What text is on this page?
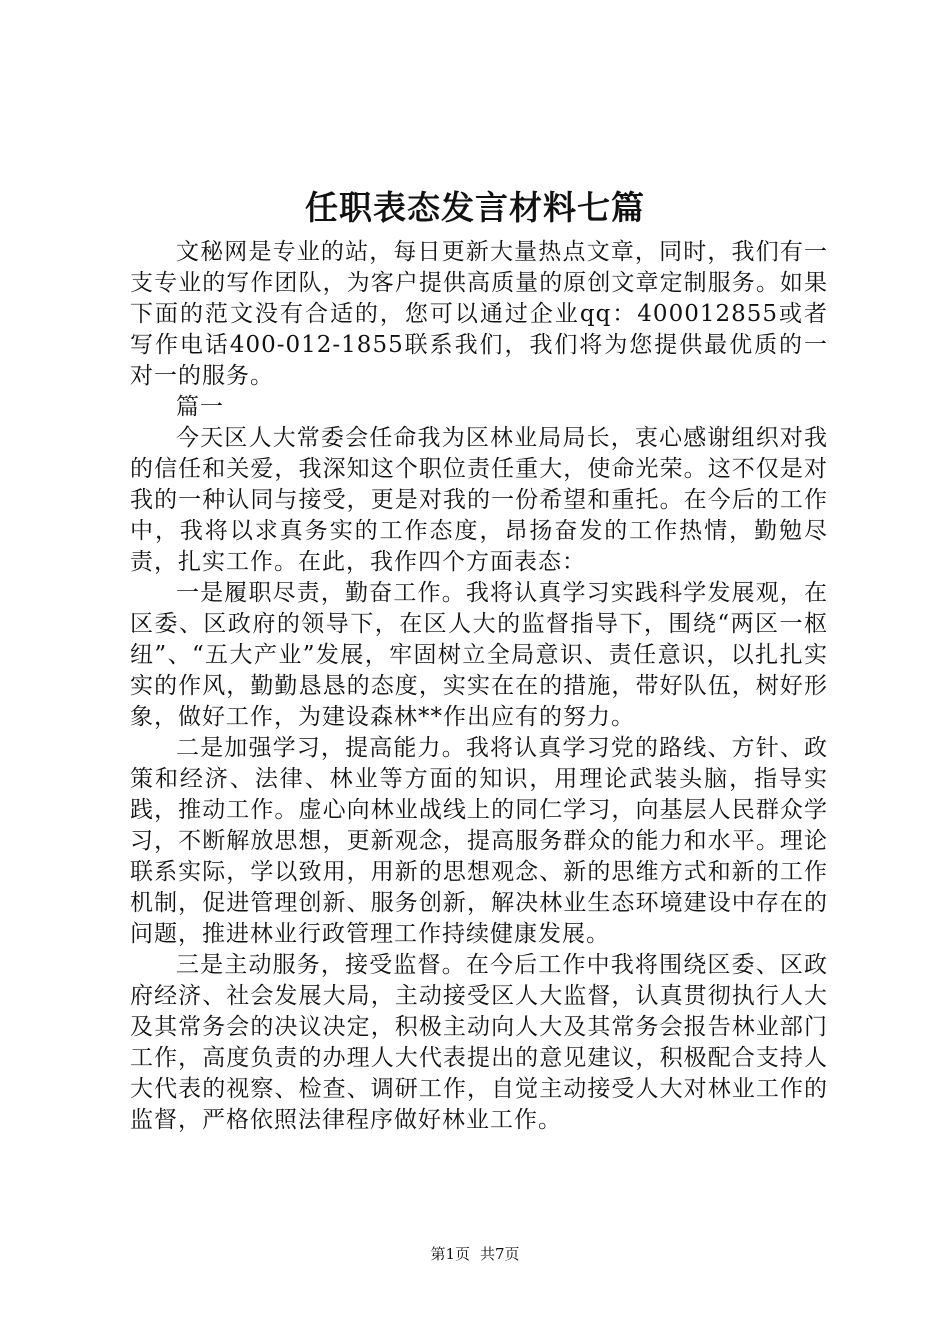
任职表态发言材料七篇

文秘网是专业的站，每日更新大量热点文章，同时，我们有一支专业的写作团队，为客户提供高质量的原创文章定制服务。如果下面的范文没有合适的，您可以通过企业qq：400012855或者写作电话400-012-1855联系我们，我们将为您提供最优质的一对一的服务。

篇一

今天区人大常委会任命我为区林业局局长，衷心感谢组织对我的信任和关爱，我深知这个职位责任重大，使命光荣。这不仅是对我的一种认同与接受，更是对我的一份希望和重托。在今后的工作中，我将以求真务实的工作态度，昂扬奋发的工作热情，勤勉尽责，扎实工作。在此，我作四个方面表态：

一是履职尽责，勤奋工作。我将认真学习实践科学发展观，在区委、区政府的领导下，在区人大的监督指导下，围绕“两区一枢纽”、“五大产业”发展，牢固树立全局意识、责任意识，以扎扎实实的作风，勤勤恳恳的态度，实实在在的措施，带好队伍，树好形象，做好工作，为建设森林**作出应有的努力。

二是加强学习，提高能力。我将认真学习党的路线、方针、政策和经济、法律、林业等方面的知识，用理论武装头脑，指导实践，推动工作。虚心向林业战线上的同仁学习，向基层人民群众学习，不断解放思想，更新观念，提高服务群众的能力和水平。理论联系实际，学以致用，用新的思想观念、新的思维方式和新的工作机制，促进管理创新、服务创新，解决林业生态环境建设中存在的问题，推进林业行政管理工作持续健康发展。

三是主动服务，接受监督。在今后工作中我将围绕区委、区政府经济、社会发展大局，主动接受区人大监督，认真贯彻执行人大及其常务会的决议决定，积极主动向人大及其常务会报告林业部门工作，高度负责的办理人大代表提出的意见建议，积极配合支持人大代表的视察、检查、调研工作，自觉主动接受人大对林业工作的监督，严格依照法律程序做好林业工作。

第1页 共7页
